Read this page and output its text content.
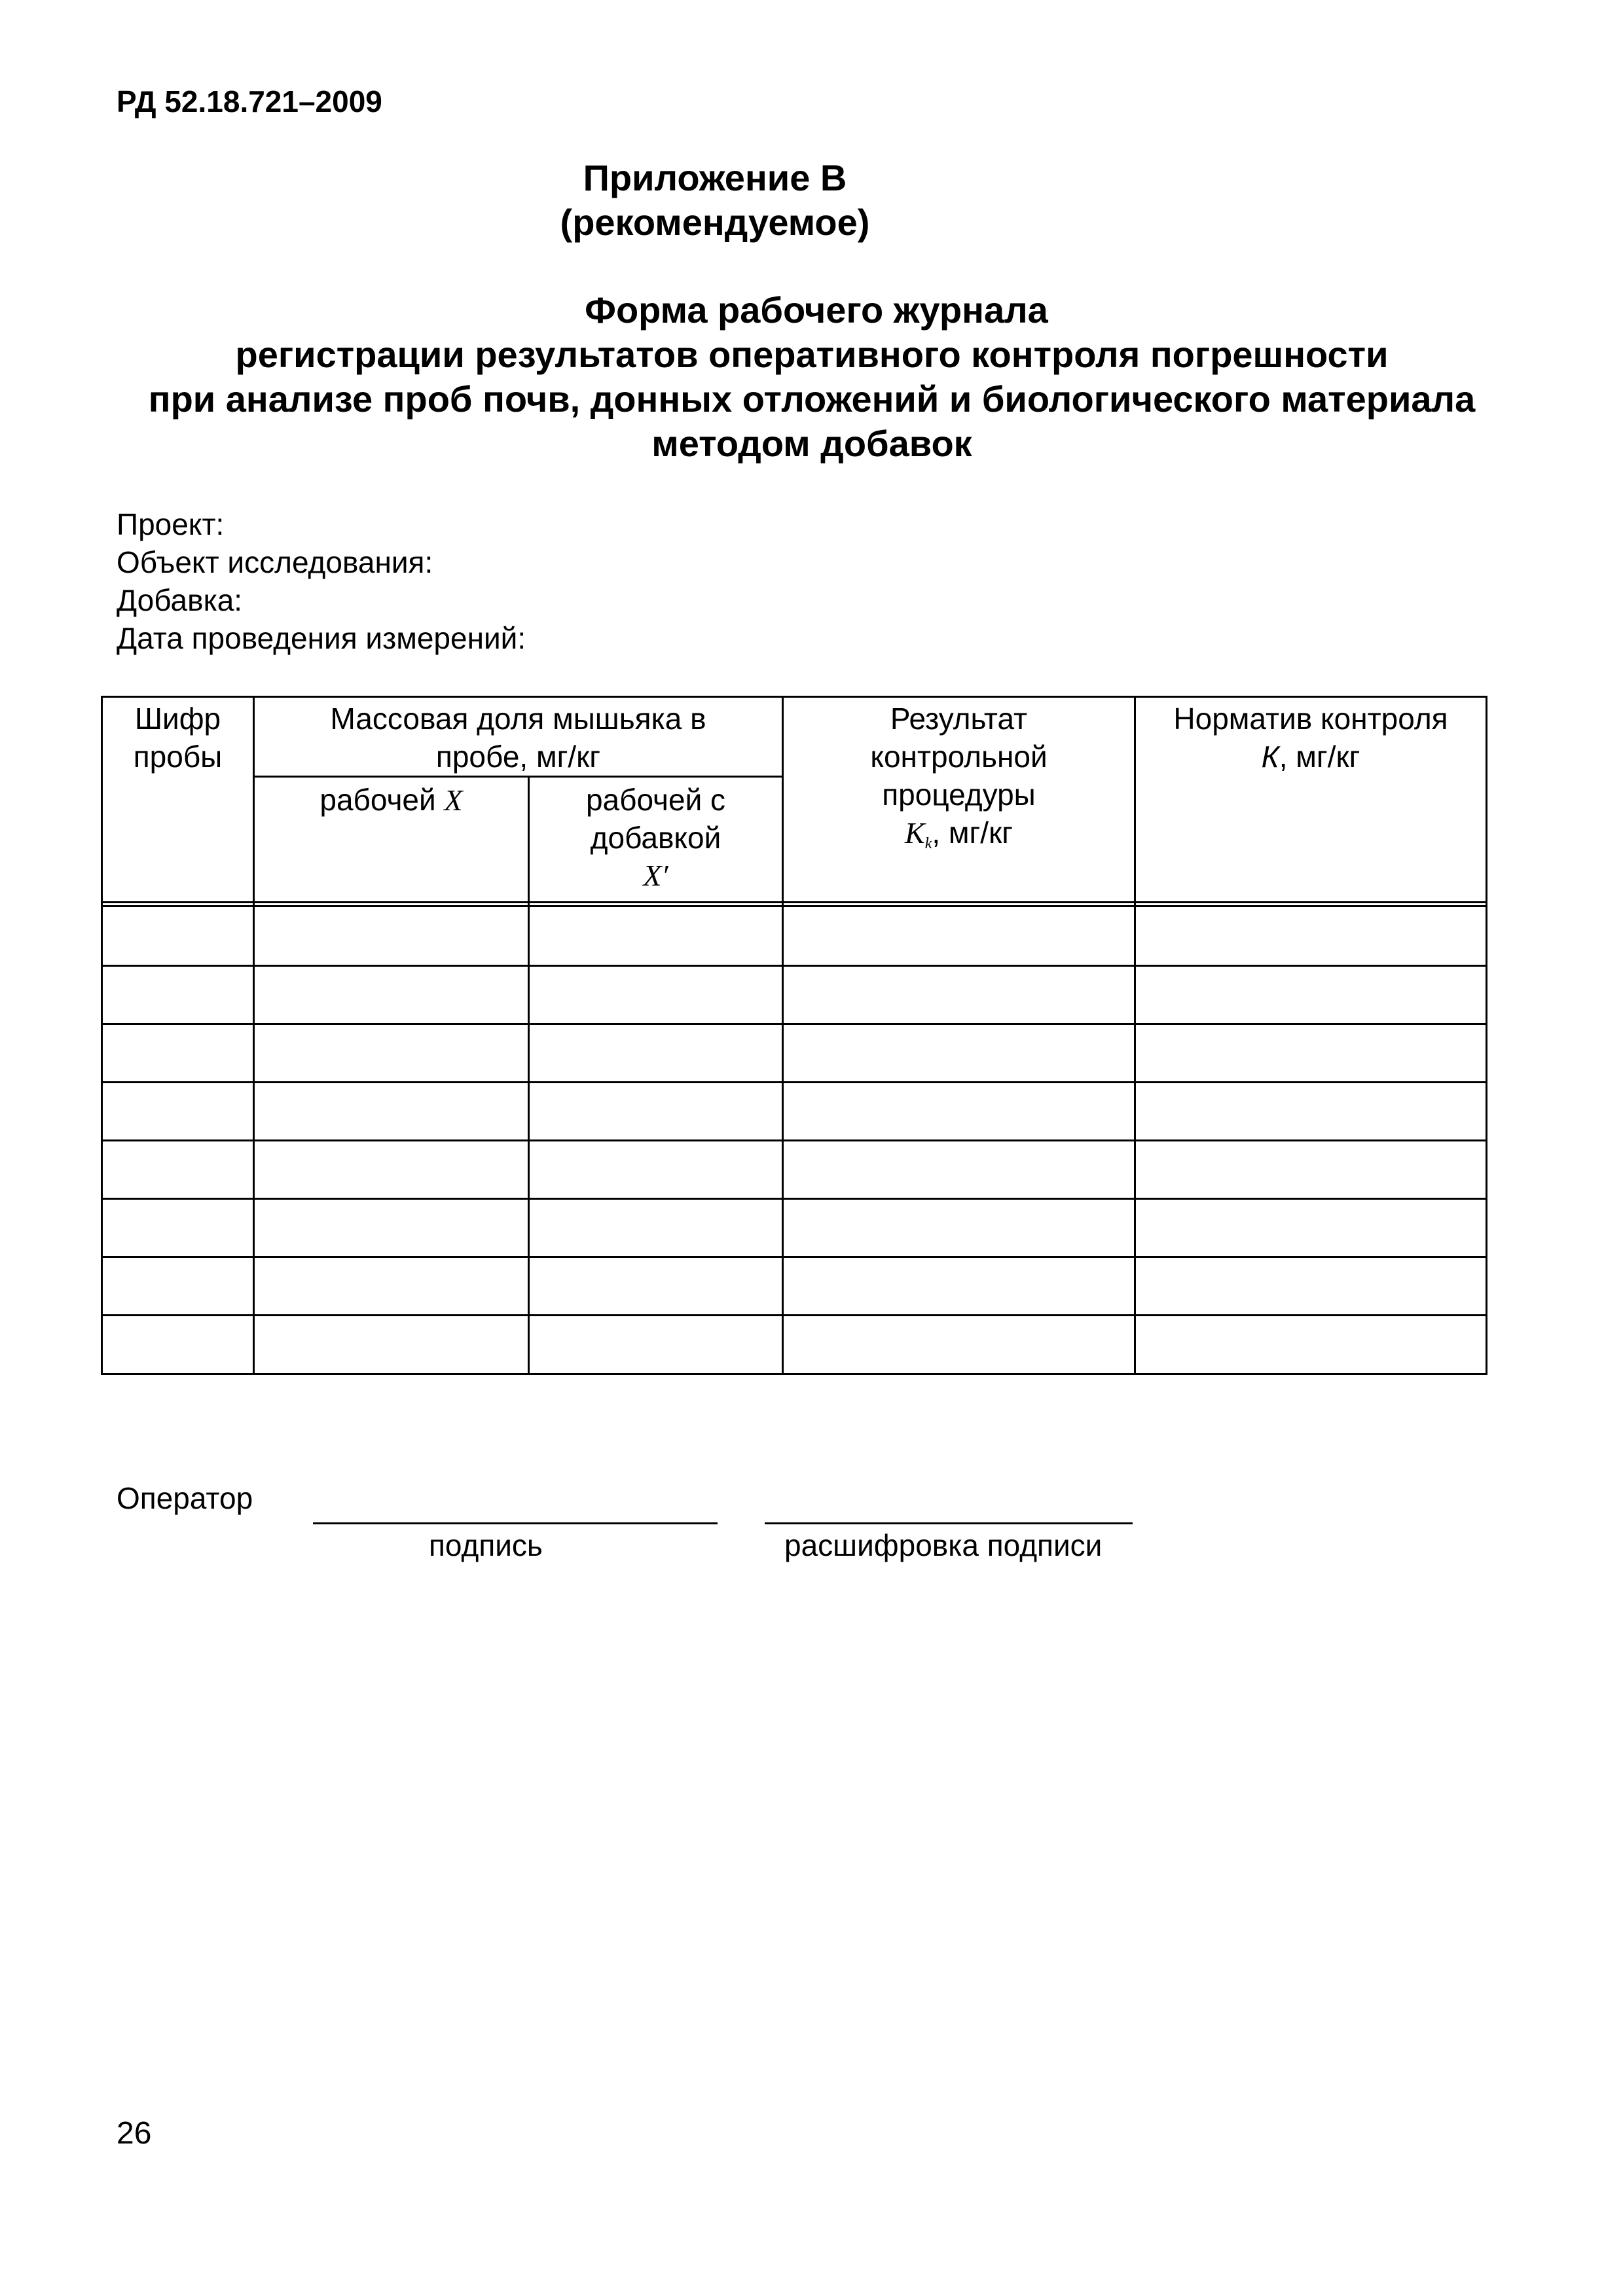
РД 52.18.721–2009
Приложение В
(рекомендуемое)
Форма рабочего журнала
регистрации результатов оперативного контроля погрешности
при анализе проб почв, донных отложений и биологического материала
методом добавок
Проект:
Объект исследования:
Добавка:
Дата проведения измерений:
Шифр
пробы
Массовая доля мышьяка в
пробе, мг/кг
рабочей X	рабочей с
добавкой
X′
Результат
контрольной
процедуры
$K_k$, мг/кг
Норматив контроля
К, мг/кг
Оператор
подпись	расшифровка подписи
26
